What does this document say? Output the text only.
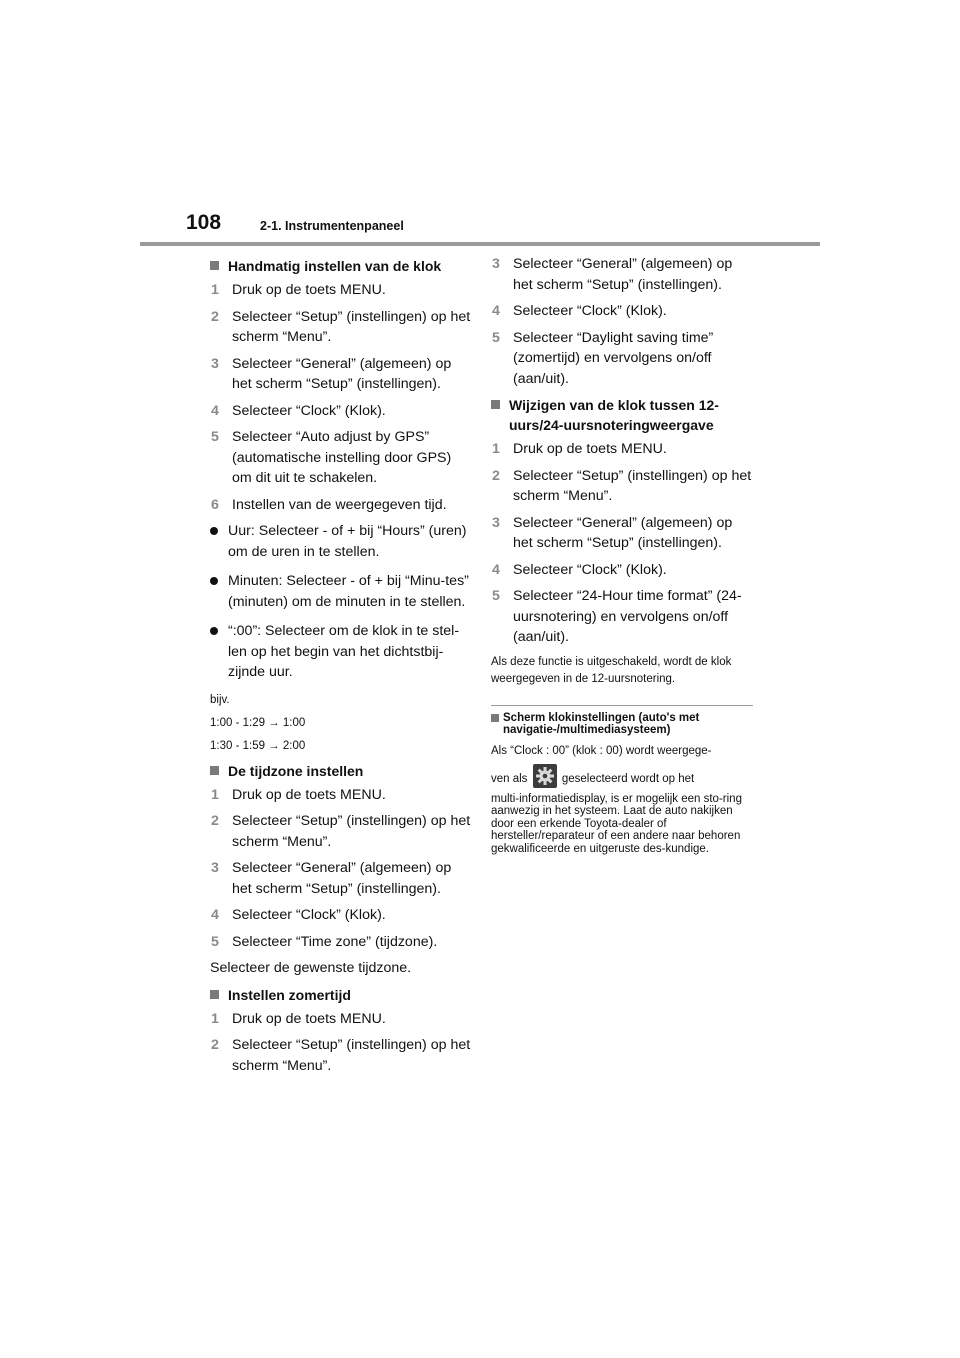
108	2-1. Instrumentenpaneel
Handmatig instellen van de klok
1 Druk op de toets MENU.
2 Selecteer “Setup” (instellingen) op het scherm “Menu”.
3 Selecteer “General” (algemeen) op het scherm “Setup” (instellingen).
4 Selecteer “Clock” (Klok).
5 Selecteer “Auto adjust by GPS” (automatische instelling door GPS) om dit uit te schakelen.
6 Instellen van de weergegeven tijd.
Uur: Selecteer - of + bij “Hours” (uren) om de uren in te stellen.
Minuten: Selecteer - of + bij “Minu-tes” (minuten) om de minuten in te stellen.
“:00”: Selecteer om de klok in te stel-len op het begin van het dichtstbij-zijnde uur.
bijv.
1:00 - 1:29 → 1:00
1:30 - 1:59 → 2:00
De tijdzone instellen
1 Druk op de toets MENU.
2 Selecteer “Setup” (instellingen) op het scherm “Menu”.
3 Selecteer “General” (algemeen) op het scherm “Setup” (instellingen).
4 Selecteer “Clock” (Klok).
5 Selecteer “Time zone” (tijdzone).
Selecteer de gewenste tijdzone.
Instellen zomertijd
1 Druk op de toets MENU.
2 Selecteer “Setup” (instellingen) op het scherm “Menu”.
3 Selecteer “General” (algemeen) op het scherm “Setup” (instellingen).
4 Selecteer “Clock” (Klok).
5 Selecteer “Daylight saving time” (zomertijd) en vervolgens on/off (aan/uit).
Wijzigen van de klok tussen 12-uurs/24-uursnoteringweergave
1 Druk op de toets MENU.
2 Selecteer “Setup” (instellingen) op het scherm “Menu”.
3 Selecteer “General” (algemeen) op het scherm “Setup” (instellingen).
4 Selecteer “Clock” (Klok).
5 Selecteer “24-Hour time format” (24-uursnotering) en vervolgens on/off (aan/uit).
Als deze functie is uitgeschakeld, wordt de klok weergegeven in de 12-uursnotering.
Scherm klokinstellingen (auto's met navigatie-/multimediasysteem)
Als “Clock : 00” (klok : 00) wordt weergege-
ven als	geselecteerd wordt op het
multi-informatiedisplay, is er mogelijk een sto-ring aanwezig in het systeem. Laat de auto nakijken door een erkende Toyota-dealer of hersteller/reparateur of een andere naar behoren gekwalificeerde en uitgeruste des-kundige.
